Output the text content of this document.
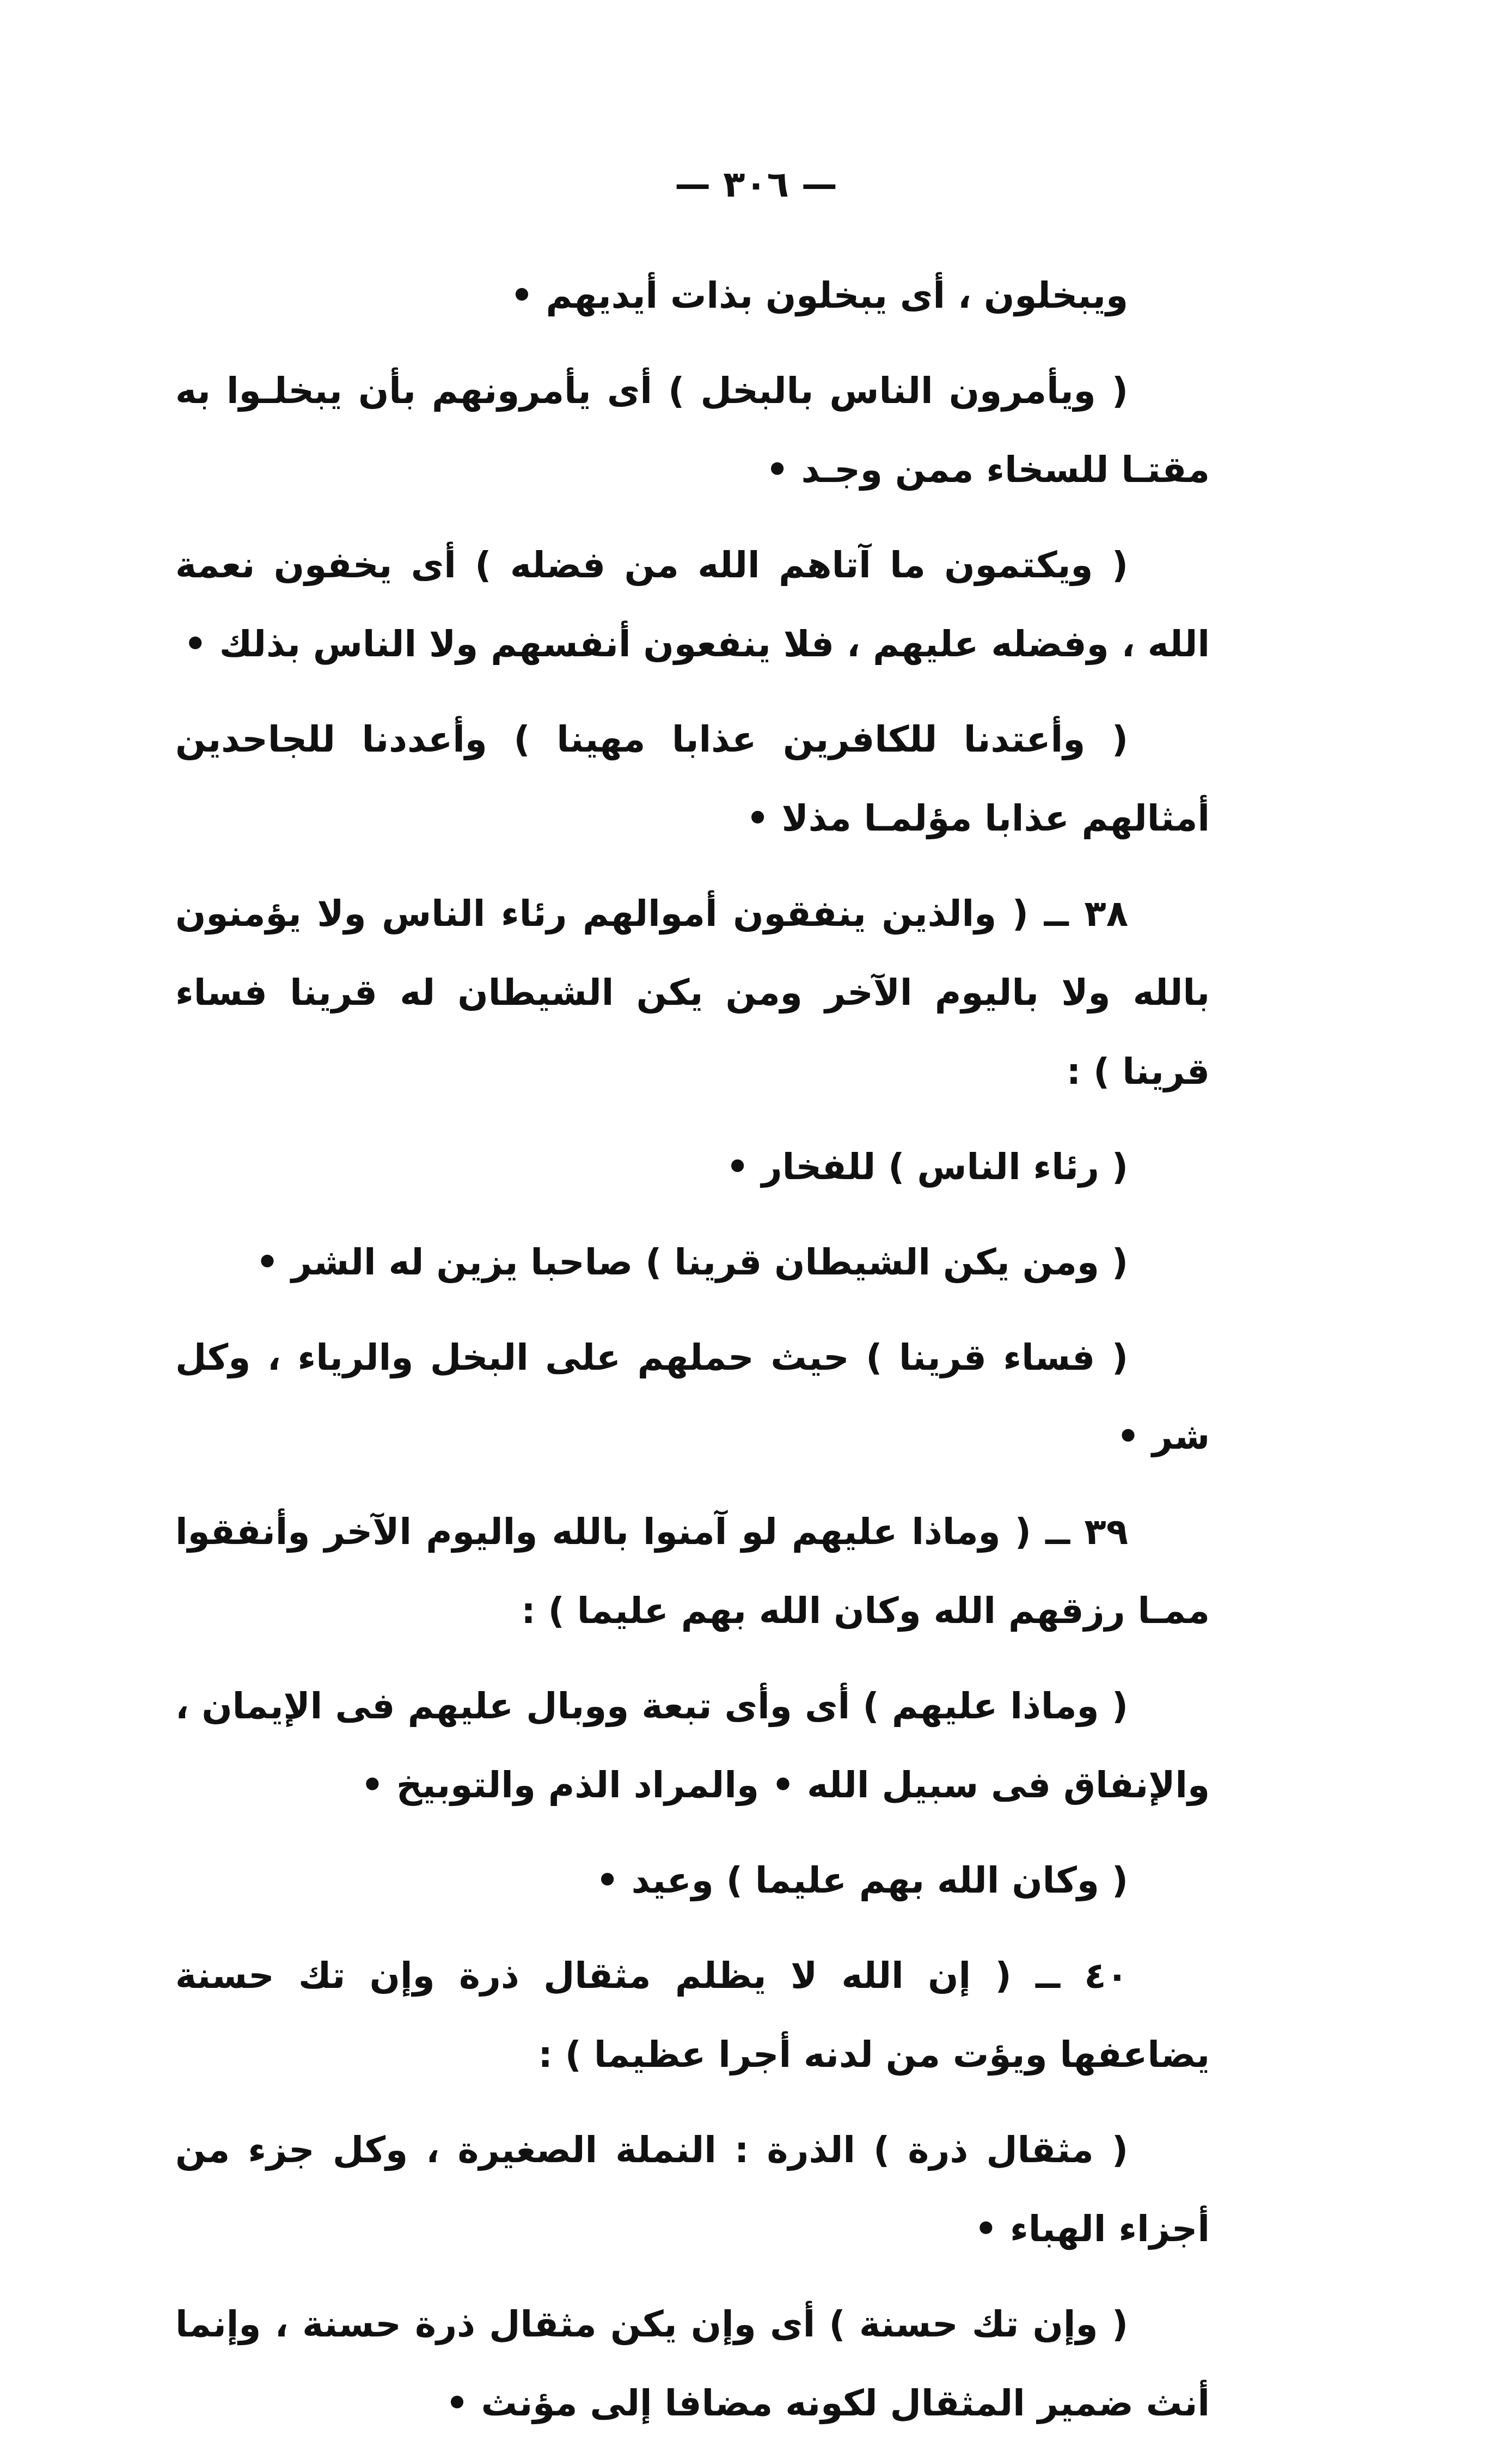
— ٣٠٦ —

ويبخلون ، أى يبخلون بذات أيديهم •

( ويأمرون الناس بالبخل ) أى يأمرونهم بأن يبخلـوا به مقتـا للسخاء ممن وجـد •

( ويكتمون ما آتاهم الله من فضله ) أى يخفون نعمة الله ، وفضله عليهم ، فلا ينفعون أنفسهم ولا الناس بذلك •

( وأعتدنا للكافرين عذابا مهينا ) وأعددنا للجاحدين أمثالهم عذابا مؤلمـا مذلا •

٣٨ ــ ( والذين ينفقون أموالهم رئاء الناس ولا يؤمنون بالله ولا باليوم الآخر ومن يكن الشيطان له قرينا فساء قرينا ) :

( رئاء الناس ) للفخار •

( ومن يكن الشيطان قرينا ) صاحبا يزين له الشر •

( فساء قرينا ) حيث حملهم على البخل والرياء ، وكل شر •

٣٩ ــ ( وماذا عليهم لو آمنوا بالله واليوم الآخر وأنفقوا ممـا رزقهم الله وكان الله بهم عليما ) :

( وماذا عليهم ) أى وأى تبعة ووبال عليهم فى الإيمان ، والإنفاق فى سبيل الله • والمراد الذم والتوبيخ •

( وكان الله بهم عليما ) وعيد •

٤٠ ــ ( إن الله لا يظلم مثقال ذرة وإن تك حسنة يضاعفها ويؤت من لدنه أجرا عظيما ) :

( مثقال ذرة ) الذرة : النملة الصغيرة ، وكل جزء من أجزاء الهباء •

( وإن تك حسنة ) أى وإن يكن مثقال ذرة حسنة ، وإنما أنث ضمير المثقال لكونه مضافا إلى مؤنث •
